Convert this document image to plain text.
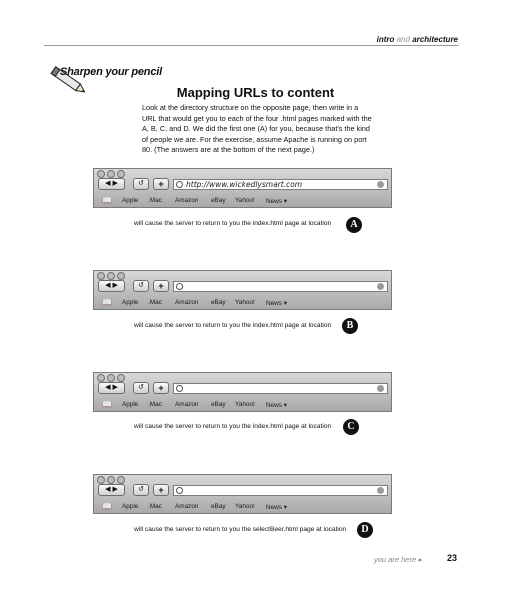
intro and architecture
Sharpen your pencil
Mapping URLs to content
Look at the directory structure on the opposite page, then write in a URL that would get you to each of the four .html pages marked with the A, B, C, and D. We did the first one (A) for you, because that's the kind of people we are. For the exercise, assume Apache is running on port 80. (The answers are at the bottom of the next page.)
◀ ▶	↺	+	http://www.wickedlysmart.com
📖 Apple .Mac Amazon eBay Yahoo! News ▾
will cause the server to return to you the index.html page at location	A
◀ ▶	↺	+
📖 Apple .Mac Amazon eBay Yahoo! News ▾
will cause the server to return to you the index.html page at location	B
◀ ▶	↺	+
📖 Apple .Mac Amazon eBay Yahoo! News ▾
will cause the server to return to you the index.html page at location	C
◀ ▶	↺	+
📖 Apple .Mac Amazon eBay Yahoo! News ▾
will cause the server to return to you the selectBeer.html page at location	D
you are here ▸	23
